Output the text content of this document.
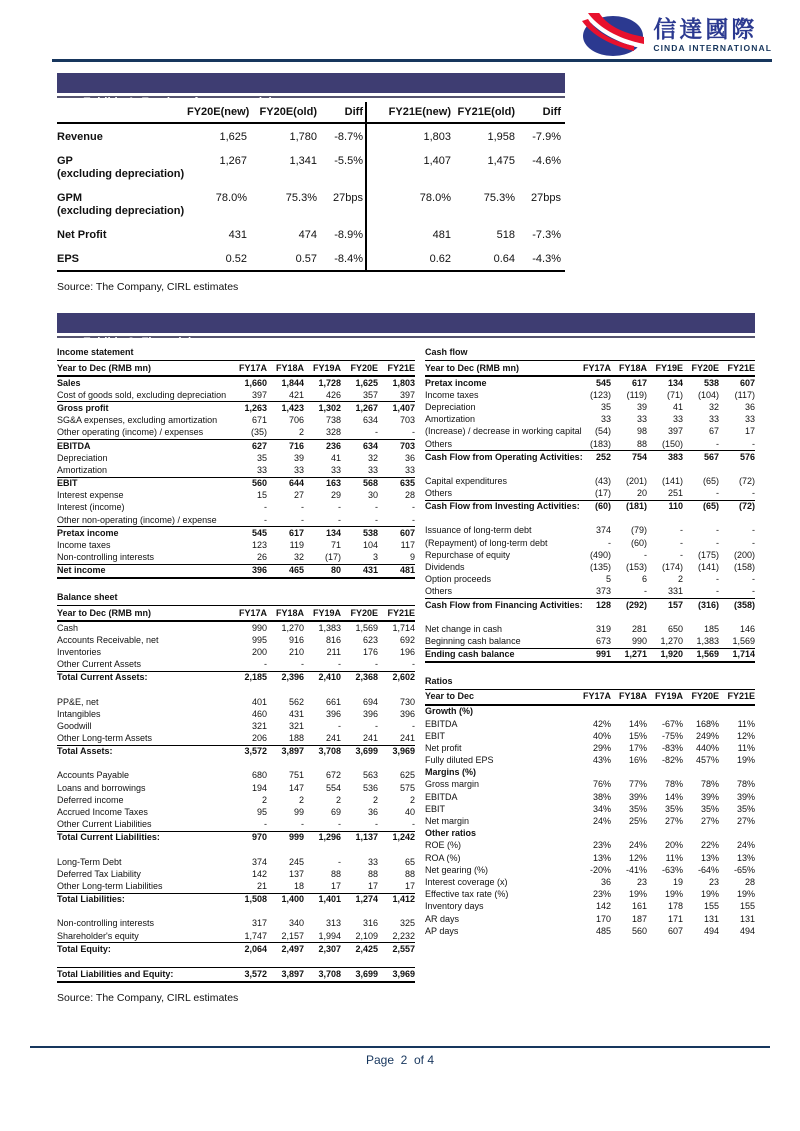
信達國際
CINDA INTERNATIONAL

Exhibit  1: Earnings forecast revision

FY20E(new) FY20E(old)	Diff	FY21E(new) FY21E(old)	Diff
Revenue	1,625	1,780	-8.7%	1,803	1,958	-7.9%
GP
(excluding depreciation)
1,267	1,341	-5.5%	1,407	1,475	-4.6%
GPM
(excluding depreciation)
78.0%	75.3%	27bps	78.0%	75.3%	27bps
Net Profit	431	474	-8.9%	481	518	-7.3%
EPS	0.52	0.57	-8.4%	0.62	0.64	-4.3%
Source: The Company, CIRL estimates

Exhibit  2: Financial summary

Income statement
Year to Dec (RMB mn)	FY17A FY18A FY19A	FY20E	FY21E
Sales	1,660	1,844	1,728	1,625	1,803
Cost of goods sold, excluding depreciation	397	421	426	357	397
Gross profit	1,263	1,423	1,302	1,267	1,407
SG&A expenses, excluding amortization	671	706	738	634	703
Other operating (income) / expenses	(35)	2	328	-	-
EBITDA	627	716	236	634	703
Depreciation	35	39	41	32	36
Amortization	33	33	33	33	33
EBIT	560	644	163	568	635
Interest expense	15	27	29	30	28
Interest (income)	-	-	-	-	-
Other non-operating (income) / expense	-	-	-	-	-
Pretax income	545	617	134	538	607
Income taxes	123	119	71	104	117
Non-controlling interests	26	32	(17)	3	9
Net income	396	465	80	431	481
Balance sheet
Year to Dec (RMB mn)	FY17A FY18A FY19A	FY20E	FY21E
Cash	990	1,270	1,383	1,569	1,714
Accounts Receivable, net	995	916	816	623	692
Inventories	200	210	211	176	196
Other Current Assets	-	-	-	-	-
Total Current Assets:	2,185	2,396	2,410	2,368	2,602
PP&E, net	401	562	661	694	730
Intangibles	460	431	396	396	396
Goodwill	321	321	-	-	-
Other Long-term Assets	206	188	241	241	241
Total Assets:	3,572	3,897	3,708	3,699	3,969
Accounts Payable	680	751	672	563	625
Loans and borrowings	194	147	554	536	575
Deferred income	2	2	2	2	2
Accrued Income Taxes	95	99	69	36	40
Other Current Liabilities	-	-	-	-	-
Total Current Liabilities:	970	999	1,296	1,137	1,242
Long-Term Debt	374	245	-	33	65
Deferred Tax Liability	142	137	88	88	88
Other Long-term Liabilities	21	18	17	17	17
Total Liabilities:	1,508	1,400	1,401	1,274	1,412
Non-controlling interests	317	340	313	316	325
Shareholder's equity	1,747	2,157	1,994	2,109	2,232
Total Equity:	2,064	2,497	2,307	2,425	2,557
Total Liabilities and Equity:	3,572	3,897	3,708	3,699	3,969
Cash flow
Year to Dec (RMB mn)	FY17A FY18A FY19E FY20E FY21E
Pretax income	545	617	134	538	607
Income taxes	(123)	(119)	(71)	(104)	(117)
Depreciation	35	39	41	32	36
Amortization	33	33	33	33	33
(Increase) / decrease in working capital	(54)	98	397	67	17
Others	(183)	88	(150)	-	-
Cash Flow from Operating Activities:	252	754	383	567	576
Capital expenditures	(43)	(201)	(141)	(65)	(72)
Others	(17)	20	251	-	-
Cash Flow from Investing Activities:	(60)	(181)	110	(65)	(72)
Issuance of long-term debt	374	(79)	-	-	-
(Repayment) of long-term debt	-	(60)	-	-	-
Repurchase of equity	(490)	-	-	(175)	(200)
Dividends	(135)	(153)	(174)	(141)	(158)
Option proceeds	5	6	2	-	-
Others	373	-	331	-	-
Cash Flow from Financing Activities:	128	(292)	157	(316)	(358)
Net change in cash	319	281	650	185	146
Beginning cash balance	673	990	1,270	1,383	1,569
Ending cash balance	991	1,271	1,920	1,569	1,714
Ratios
Year to Dec	FY17A FY18A FY19A FY20E FY21E
Growth (%)
EBITDA	42%	14%	-67%	168%	11%
EBIT	40%	15%	-75%	249%	12%
Net profit	29%	17%	-83%	440%	11%
Fully diluted EPS	43%	16%	-82%	457%	19%
Margins (%)
Gross margin	76%	77%	78%	78%	78%
EBITDA	38%	39%	14%	39%	39%
EBIT	34%	35%	35%	35%	35%
Net margin	24%	25%	27%	27%	27%
Other ratios
ROE (%)	23%	24%	20%	22%	24%
ROA (%)	13%	12%	11%	13%	13%
Net gearing (%)	-20%	-41%	-63%	-64%	-65%
Interest coverage (x)	36	23	19	23	28
Effective tax rate (%)	23%	19%	19%	19%	19%
Inventory days	142	161	178	155	155
AR days	170	187	171	131	131
AP days	485	560	607	494	494
Source: The Company, CIRL estimates
Page  2  of 4
